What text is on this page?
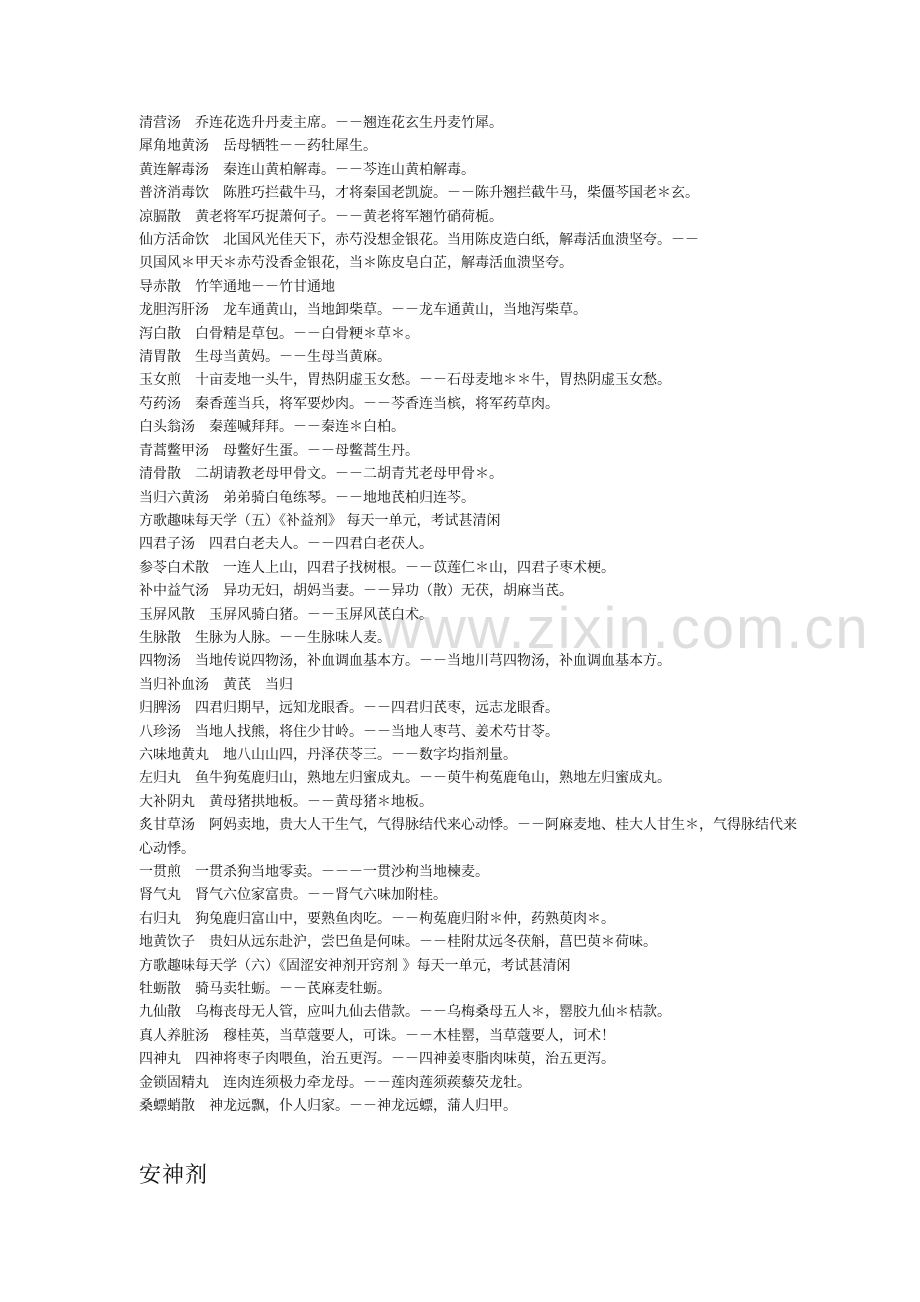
www.zixin.com.cn
清营汤　乔连花选升丹麦主席。－－翘连花玄生丹麦竹犀。
犀角地黄汤　岳母牺牲－－药牡犀生。
黄连解毒汤　秦连山黄柏解毒。－－芩连山黄柏解毒。
普济消毒饮　陈胜巧拦截牛马，才将秦国老凯旋。－－陈升翘拦截牛马，柴僵芩国老＊玄。
凉膈散　黄老将军巧捉萧何子。－－黄老将军翘竹硝荷栀。
仙方活命饮　北国风光佳天下，赤芍没想金银花。当用陈皮造白纸，解毒活血溃坚夸。－－
贝国风＊甲天＊赤芍没香金银花，当＊陈皮皂白芷，解毒活血溃坚夸。
导赤散　竹竿通地－－竹甘通地
龙胆泻肝汤　龙车通黄山，当地卸柴草。－－龙车通黄山，当地泻柴草。
泻白散　白骨精是草包。－－白骨粳＊草＊。
清胃散　生母当黄妈。－－生母当黄麻。
玉女煎　十亩麦地一头牛，胃热阴虚玉女愁。－－石母麦地＊＊牛，胃热阴虚玉女愁。
芍药汤　秦香莲当兵，将军要炒肉。－－芩香连当槟，将军药草肉。
白头翁汤　秦莲喊拜拜。－－秦连＊白柏。
青蒿鳖甲汤　母鳖好生蛋。－－母鳖蒿生丹。
清骨散　二胡请教老母甲骨文。－－二胡青艽老母甲骨＊。
当归六黄汤　弟弟骑白龟练琴。－－地地芪柏归连芩。
方歌趣味每天学（五）《补益剂》 每天一单元，考试甚清闲
四君子汤　四君白老夫人。－－四君白老茯人。
参苓白术散　一连人上山，四君子找树根。－－苡莲仁＊山，四君子枣术梗。
补中益气汤　异功无妇，胡妈当妻。－－异功（散）无茯，胡麻当芪。
玉屏风散　玉屏风骑白猪。－－玉屏风芪白术。
生脉散　生脉为人脉。－－生脉味人麦。
四物汤　当地传说四物汤，补血调血基本方。－－当地川芎四物汤，补血调血基本方。
当归补血汤　黄芪　当归
归脾汤　四君归期早，远知龙眼香。－－四君归芪枣，远志龙眼香。
八珍汤　当地人找熊，将住少甘岭。－－当地人枣芎、姜术芍甘苓。
六味地黄丸　地八山山四，丹泽茯苓三。－－数字均指剂量。
左归丸　鱼牛狗菟鹿归山，熟地左归蜜成丸。－－萸牛枸菟鹿龟山，熟地左归蜜成丸。
大补阴丸　黄母猪拱地板。－－黄母猪＊地板。
炙甘草汤　阿妈卖地，贵大人干生气，气得脉结代来心动悸。－－阿麻麦地、桂大人甘生＊，气得脉结代来心动悸。
一贯煎　一贯杀狗当地零卖。－－－一贯沙枸当地楝麦。
肾气丸　肾气六位家富贵。－－肾气六味加附桂。
右归丸　狗兔鹿归富山中，要熟鱼肉吃。－－枸菟鹿归附＊仲，药熟萸肉＊。
地黄饮子　贵妇从远东赴沪，尝巴鱼是何味。－－桂附苁远冬茯斛，菖巴萸＊荷味。
方歌趣味每天学（六）《固涩安神剂开窍剂 》每天一单元，考试甚清闲
牡蛎散　骑马卖牡蛎。－－芪麻麦牡蛎。
九仙散　乌梅丧母无人管，应叫九仙去借款。－－乌梅桑母五人＊，罂胶九仙＊桔款。
真人养脏汤　穆桂英，当草蔻要人，可诛。－－木桂罂，当草蔻要人，诃术！
四神丸　四神将枣子肉喂鱼，治五更泻。－－四神姜枣脂肉味萸，治五更泻。
金锁固精丸　连肉连须极力牵龙母。－－莲肉莲须蒺藜芡龙牡。
桑螵蛸散　神龙远飘，仆人归家。－－神龙远螵，蒲人归甲。
安神剂
